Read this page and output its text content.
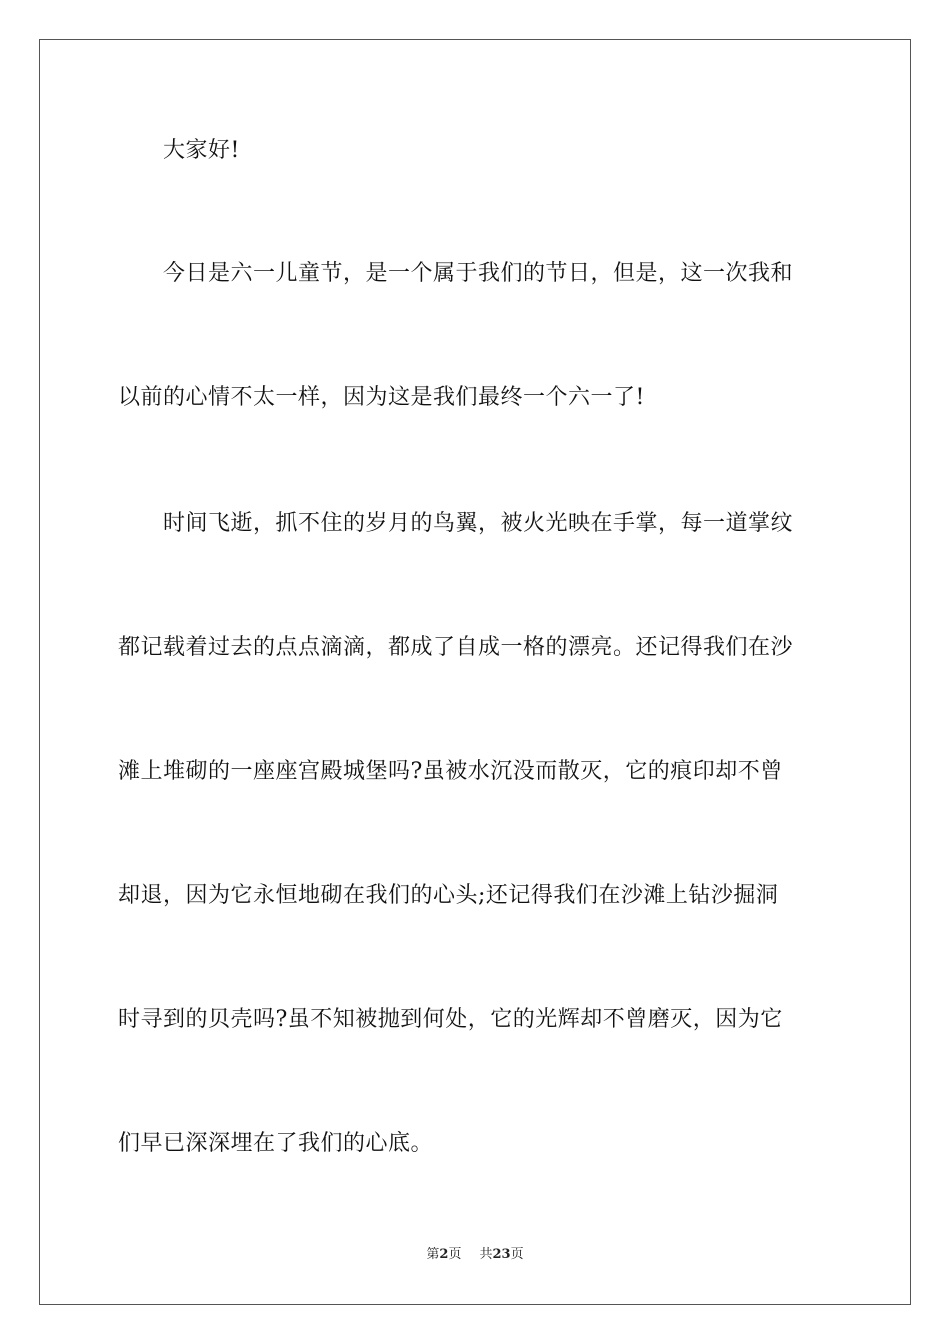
大家好!
今日是六一儿童节，是一个属于我们的节日，但是，这一次我和
以前的心情不太一样，因为这是我们最终一个六一了!
时间飞逝，抓不住的岁月的鸟翼，被火光映在手掌，每一道掌纹
都记载着过去的点点滴滴，都成了自成一格的漂亮。还记得我们在沙
滩上堆砌的一座座宫殿城堡吗?虽被水沉没而散灭，它的痕印却不曾
却退，因为它永恒地砌在我们的心头;还记得我们在沙滩上钻沙掘洞
时寻到的贝壳吗?虽不知被抛到何处，它的光辉却不曾磨灭，因为它
们早已深深埋在了我们的心底。
第2页 共23页
